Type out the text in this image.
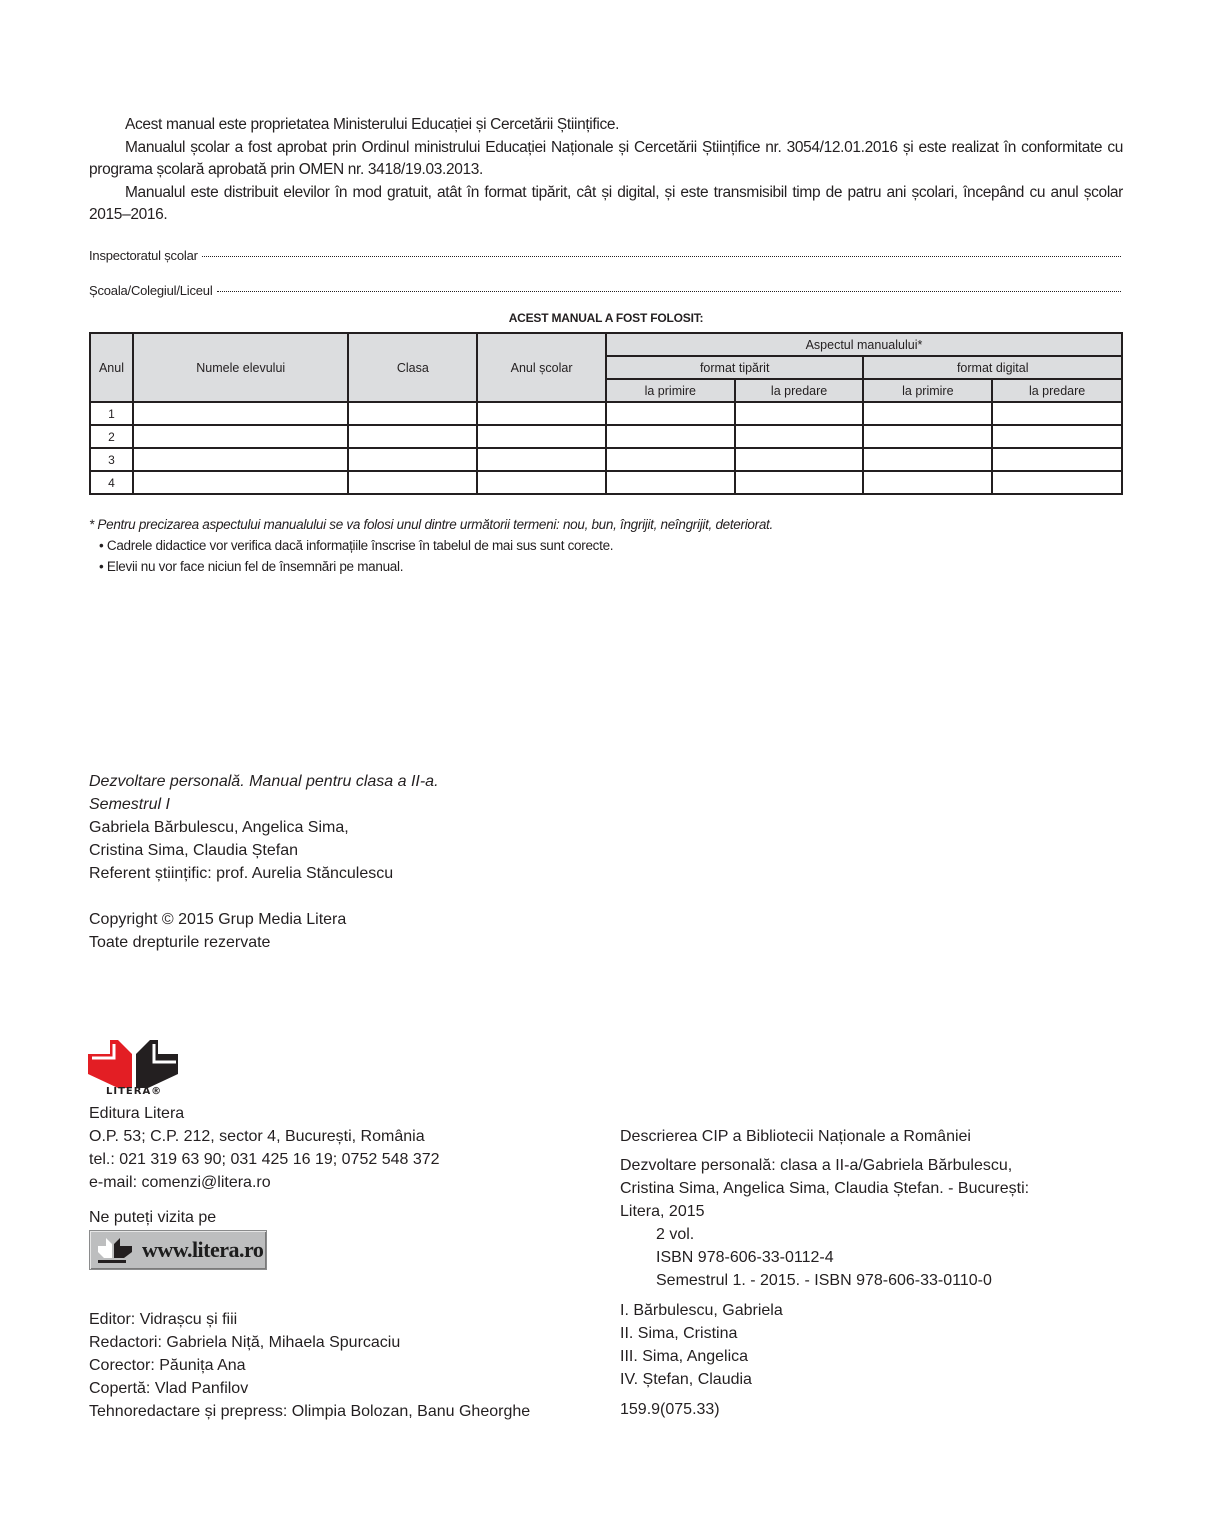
Acest manual este proprietatea Ministerului Educației și Cercetării Științifice.

Manualul școlar a fost aprobat prin Ordinul ministrului Educației Naționale și Cercetării Științifice nr. 3054/12.01.2016 și este realizat în conformitate cu programa școlară aprobată prin OMEN nr. 3418/19.03.2013.

Manualul este distribuit elevilor în mod gratuit, atât în format tipărit, cât și digital, și este transmisibil timp de patru ani școlari, începând cu anul școlar 2015–2016.

Inspectoratul școlar
Școala/Colegiul/Liceul
ACEST MANUAL A FOST FOLOSIT:
Anul	Numele elevului	Clasa	Anul școlar	Aspectul manualului*			
				format tipărit		format digital	
				la primire	la predare	la primire	la predare
1							
2							
3							
4							
* Pentru precizarea aspectului manualului se va folosi unul dintre următorii termeni: nou, bun, îngrijit, neîngrijit, deteriorat.
• Cadrele didactice vor verifica dacă informațiile înscrise în tabelul de mai sus sunt corecte.
• Elevii nu vor face niciun fel de însemnări pe manual.
Dezvoltare personală. Manual pentru clasa a II-a.
Semestrul I
Gabriela Bărbulescu, Angelica Sima,
Cristina Sima, Claudia Ștefan
Referent științific: prof. Aurelia Stănculescu
Copyright © 2015 Grup Media Litera
Toate drepturile rezervate
LITERA®
Editura Litera
O.P. 53; C.P. 212, sector 4, București, România
tel.: 021 319 63 90; 031 425 16 19; 0752 548 372
e-mail: comenzi@litera.ro
Ne puteți vizita pe
www.litera.ro
Editor: Vidrașcu și fiii
Redactori: Gabriela Niță, Mihaela Spurcaciu
Corector: Păunița Ana
Copertă: Vlad Panfilov
Tehnoredactare și prepress: Olimpia Bolozan, Banu Gheorghe
Descrierea CIP a Bibliotecii Naționale a României
Dezvoltare personală: clasa a II-a/Gabriela Bărbulescu,
Cristina Sima, Angelica Sima, Claudia Ștefan. - București:
Litera, 2015
2 vol.
ISBN 978-606-33-0112-4
Semestrul 1. - 2015. - ISBN 978-606-33-0110-0
I. Bărbulescu, Gabriela
II. Sima, Cristina
III. Sima, Angelica
IV. Ștefan, Claudia
159.9(075.33)
